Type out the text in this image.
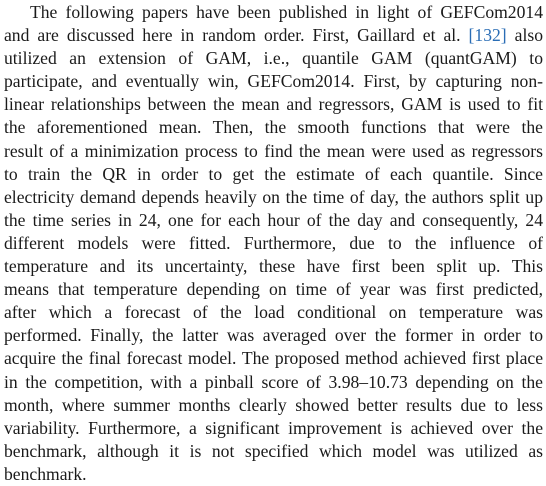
The following papers have been published in light of GEFCom2014
and are discussed here in random order. First, Gaillard et al. [132] also
utilized an extension of GAM, i.e., quantile GAM (quantGAM) to
participate, and eventually win, GEFCom2014. First, by capturing non-
linear relationships between the mean and regressors, GAM is used to fit
the aforementioned mean. Then, the smooth functions that were the
result of a minimization process to find the mean were used as regressors
to train the QR in order to get the estimate of each quantile. Since
electricity demand depends heavily on the time of day, the authors split up
the time series in 24, one for each hour of the day and consequently, 24
different models were fitted. Furthermore, due to the influence of
temperature and its uncertainty, these have first been split up. This
means that temperature depending on time of year was first predicted,
after which a forecast of the load conditional on temperature was
performed. Finally, the latter was averaged over the former in order to
acquire the final forecast model. The proposed method achieved first place
in the competition, with a pinball score of 3.98–10.73 depending on the
month, where summer months clearly showed better results due to less
variability. Furthermore, a significant improvement is achieved over the
benchmark, although it is not specified which model was utilized as
benchmark.
